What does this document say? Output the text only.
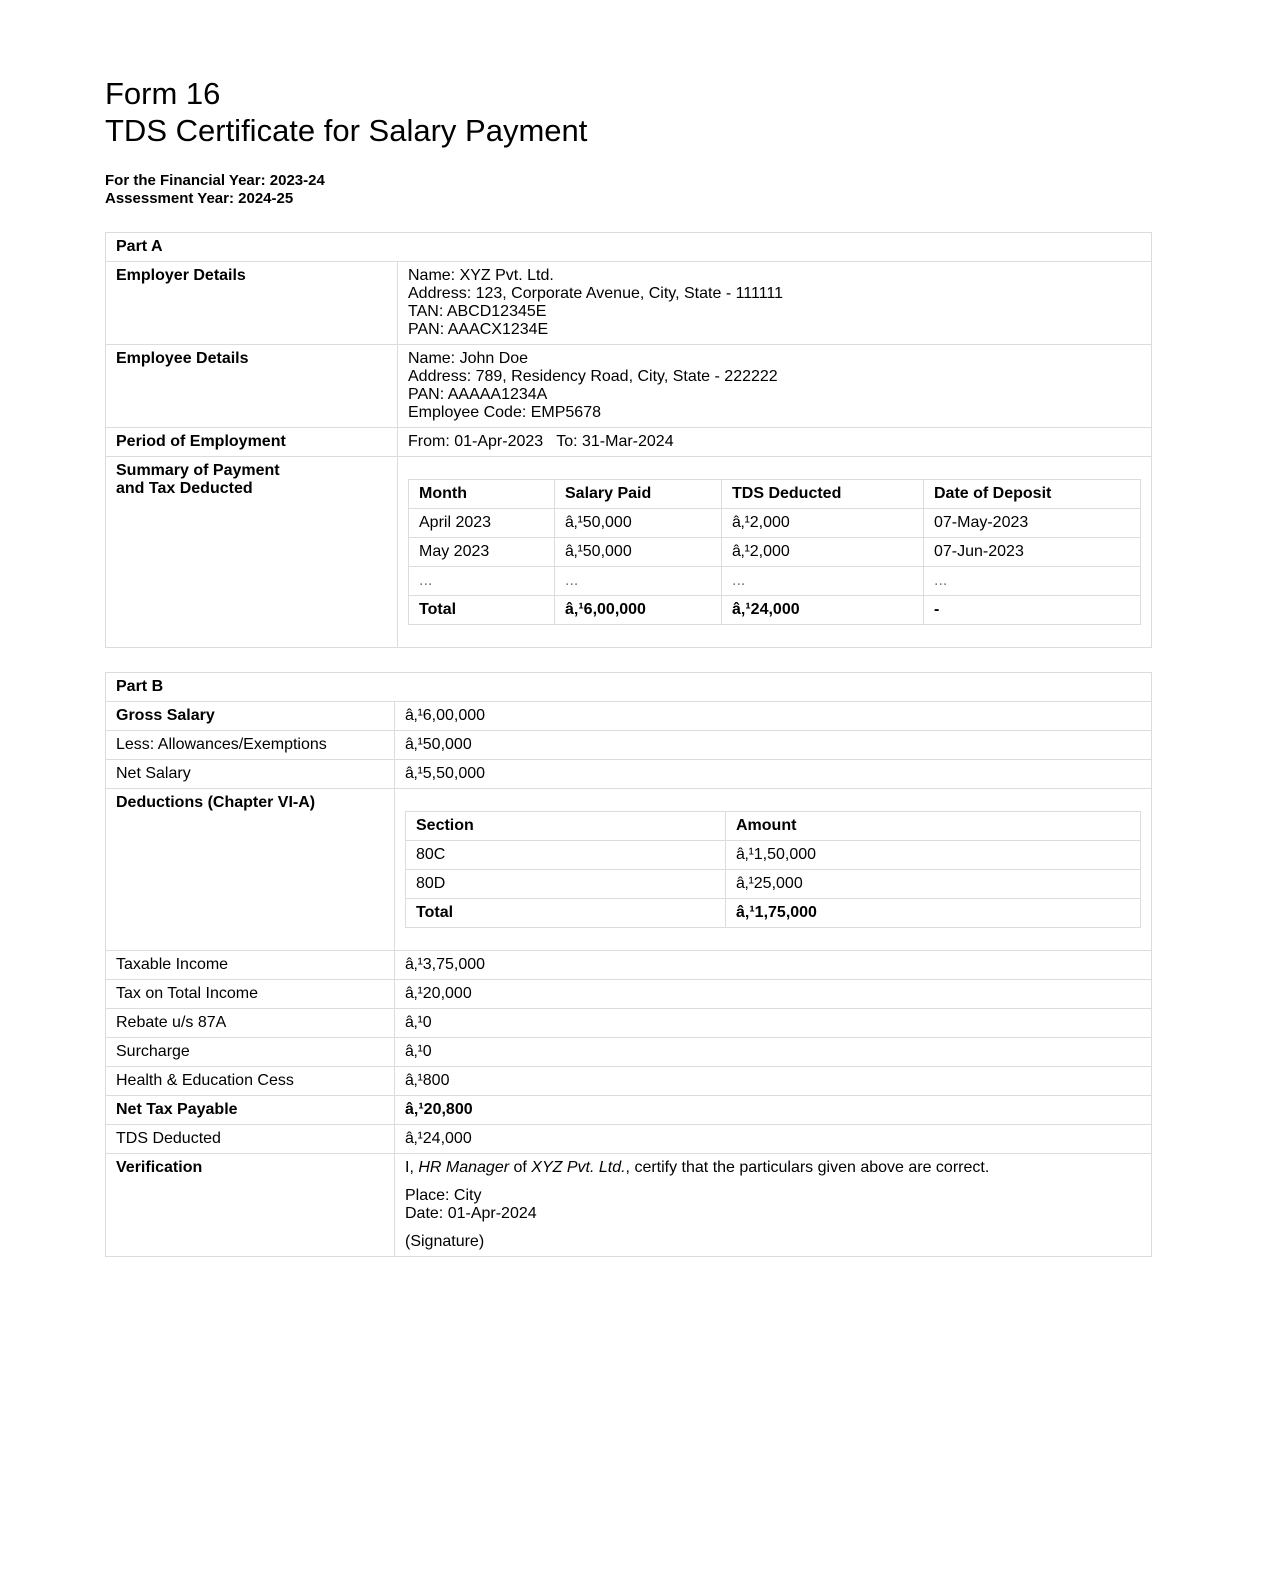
Form 16
TDS Certificate for Salary Payment
For the Financial Year: 2023-24
Assessment Year: 2024-25
Part A
Employer Details	Name: XYZ Pvt. Ltd.
Address: 123, Corporate Avenue, City, State - 111111
TAN: ABCD12345E
PAN: AAACX1234E

Employee Details	Name: John Doe
Address: 789, Residency Road, City, State - 222222
PAN: AAAAA1234A
Employee Code: EMP5678

Period of Employment	From: 01-Apr-2023   To: 31-Mar-2024

Summary of Payment
and Tax Deducted
		Month	Salary Paid	TDS Deducted	Date of Deposit
April 2023	â‚¹50,000	â‚¹2,000	07-May-2023
May 2023	â‚¹50,000	â‚¹2,000	07-Jun-2023
...	...	...	...
Total	â‚¹6,00,000	â‚¹24,000	-
Part B
Gross Salary	â‚¹6,00,000
Less: Allowances/Exemptions	â‚¹50,000
Net Salary	â‚¹5,50,000
Deductions (Chapter VI-A)	
Section	Amount
80C	â‚¹1,50,000
80D	â‚¹25,000
Total	â‚¹1,75,000

Taxable Income	â‚¹3,75,000
Tax on Total Income	â‚¹20,000
Rebate u/s 87A	â‚¹0
Surcharge	â‚¹0
Health & Education Cess	â‚¹800
Net Tax Payable	â‚¹20,800
TDS Deducted	â‚¹24,000
Verification	I, HR Manager of XYZ Pvt. Ltd., certify that the particulars given above are correct.

Place: City
Date: 01-Apr-2024
(Signature)
